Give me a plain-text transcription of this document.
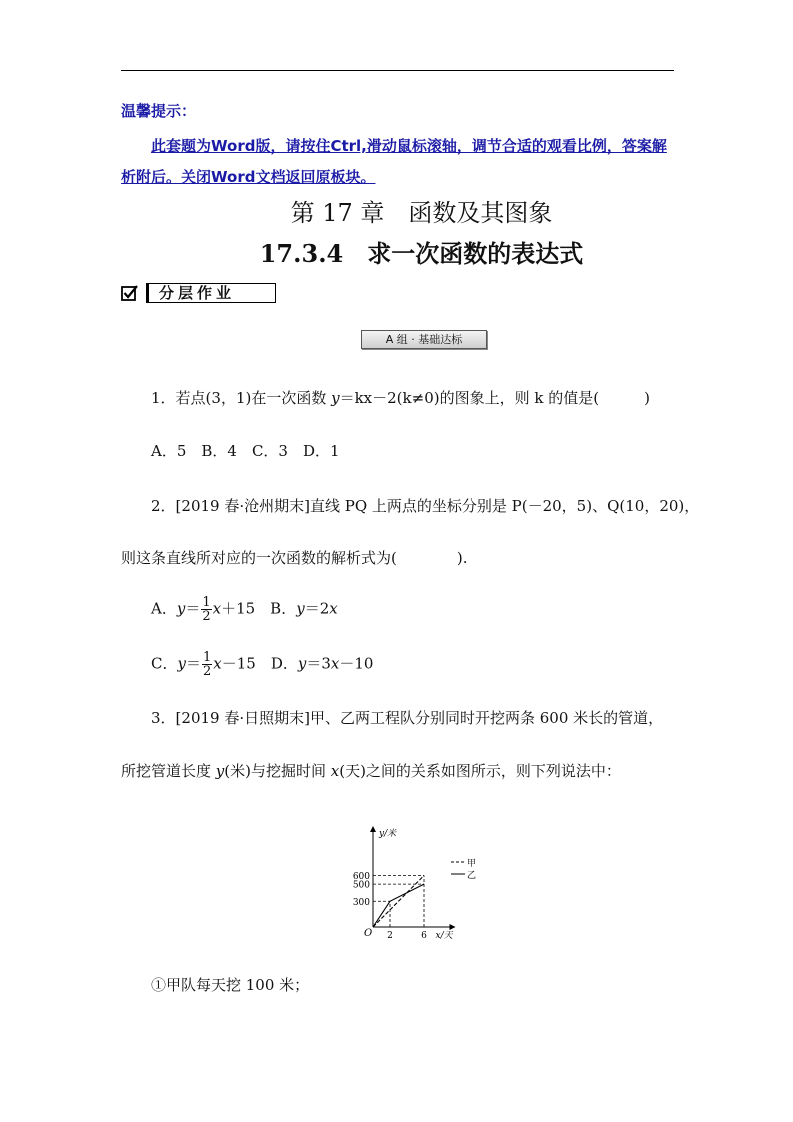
温馨提示：
此套题为Word版，请按住Ctrl,滑动鼠标滚轴，调节合适的观看比例，答案解析附后。关闭Word文档返回原板块。
第 17 章　函数及其图象
17.3.4　求一次函数的表达式
分层作业
A 组 · 基础达标
1．若点(3，1)在一次函数 y＝kx－2(k≠0)的图象上，则 k 的值是(　　　)
A．5　B．4　C．3　D．1
2．[2019 春·沧州期末]直线 PQ 上两点的坐标分别是 P(－20，5)、Q(10，20)，
则这条直线所对应的一次函数的解析式为(　　　　).
A．$y= \frac{1}{2} x+15$　B．y＝2x
C．$y= \frac{1}{2} x-15$　D．y＝3x－10
3．[2019 春·日照期末]甲、乙两工程队分别同时开挖两条 600 米长的管道，
所挖管道长度 y(米)与挖掘时间 x(天)之间的关系如图所示，则下列说法中：
y/米
x/天
O
300
500
600
2	6
甲
乙
①甲队每天挖 100 米；
